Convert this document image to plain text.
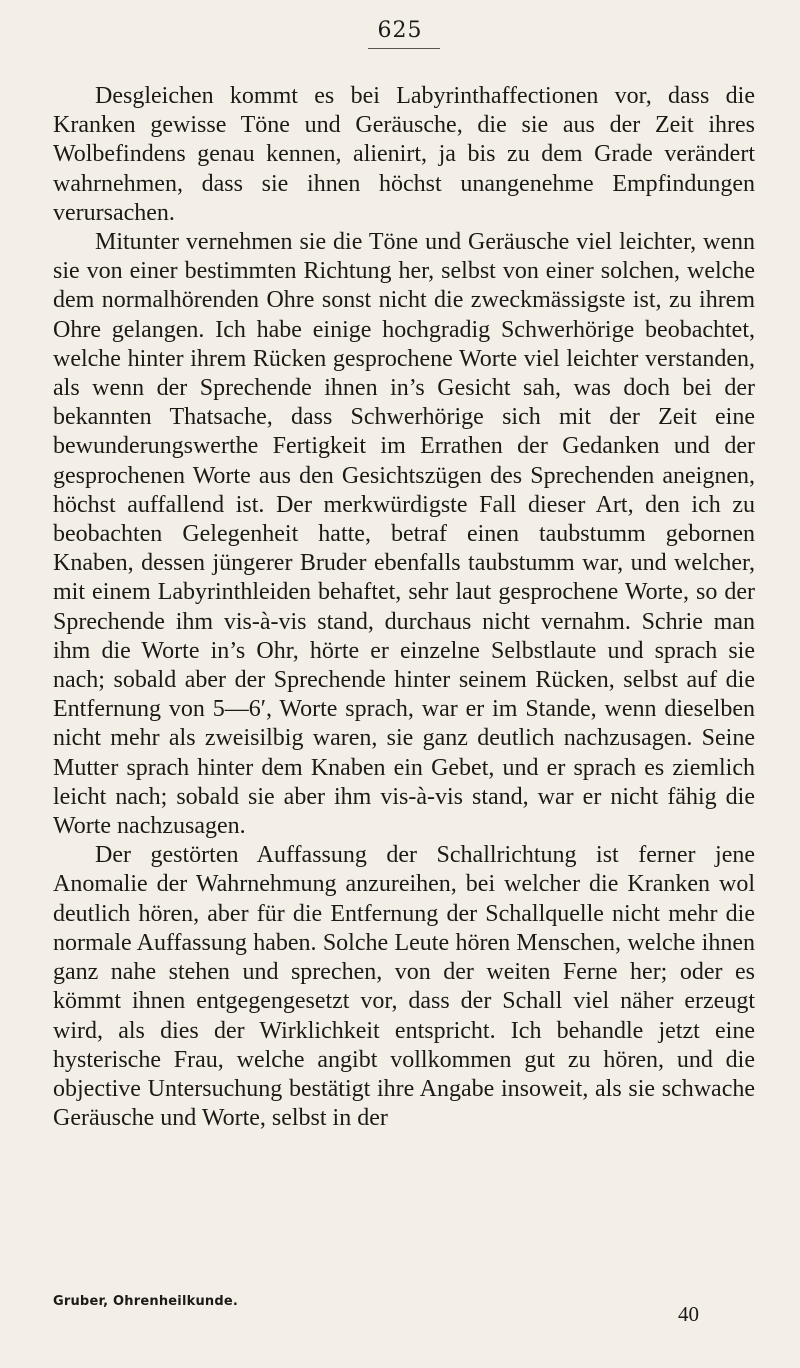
625

Desgleichen kommt es bei Labyrinthaffectionen vor, dass die Kranken gewisse Töne und Geräusche, die sie aus der Zeit ihres Wolbefindens genau kennen, alienirt, ja bis zu dem Grade verändert wahrnehmen, dass sie ihnen höchst unangenehme Empfindungen verursachen.

Mitunter vernehmen sie die Töne und Geräusche viel leichter, wenn sie von einer bestimmten Richtung her, selbst von einer solchen, welche dem normalhörenden Ohre sonst nicht die zweckmässigste ist, zu ihrem Ohre gelangen. Ich habe einige hochgradig Schwerhörige beobachtet, welche hinter ihrem Rücken gesprochene Worte viel leichter verstanden, als wenn der Sprechende ihnen in’s Gesicht sah, was doch bei der bekannten Thatsache, dass Schwerhörige sich mit der Zeit eine bewunderungswerthe Fertigkeit im Errathen der Gedanken und der gesprochenen Worte aus den Gesichtszügen des Sprechenden aneignen, höchst auffallend ist. Der merkwürdigste Fall dieser Art, den ich zu beobachten Gelegenheit hatte, betraf einen taubstumm gebornen Knaben, dessen jüngerer Bruder ebenfalls taubstumm war, und welcher, mit einem Labyrinthleiden behaftet, sehr laut gesprochene Worte, so der Sprechende ihm vis-à-vis stand, durchaus nicht vernahm. Schrie man ihm die Worte in’s Ohr, hörte er einzelne Selbstlaute und sprach sie nach; sobald aber der Sprechende hinter seinem Rücken, selbst auf die Entfernung von 5—6′, Worte sprach, war er im Stande, wenn dieselben nicht mehr als zweisilbig waren, sie ganz deutlich nachzusagen. Seine Mutter sprach hinter dem Knaben ein Gebet, und er sprach es ziemlich leicht nach; sobald sie aber ihm vis-à-vis stand, war er nicht fähig die Worte nachzusagen.

Der gestörten Auffassung der Schallrichtung ist ferner jene Anomalie der Wahrnehmung anzureihen, bei welcher die Kranken wol deutlich hören, aber für die Entfernung der Schallquelle nicht mehr die normale Auffassung haben. Solche Leute hören Menschen, welche ihnen ganz nahe stehen und sprechen, von der weiten Ferne her; oder es kömmt ihnen entgegengesetzt vor, dass der Schall viel näher erzeugt wird, als dies der Wirklichkeit entspricht. Ich behandle jetzt eine hysterische Frau, welche angibt vollkommen gut zu hören, und die objective Untersuchung bestätigt ihre Angabe insoweit, als sie schwache Geräusche und Worte, selbst in der

Gruber, Ohrenheilkunde.
40
